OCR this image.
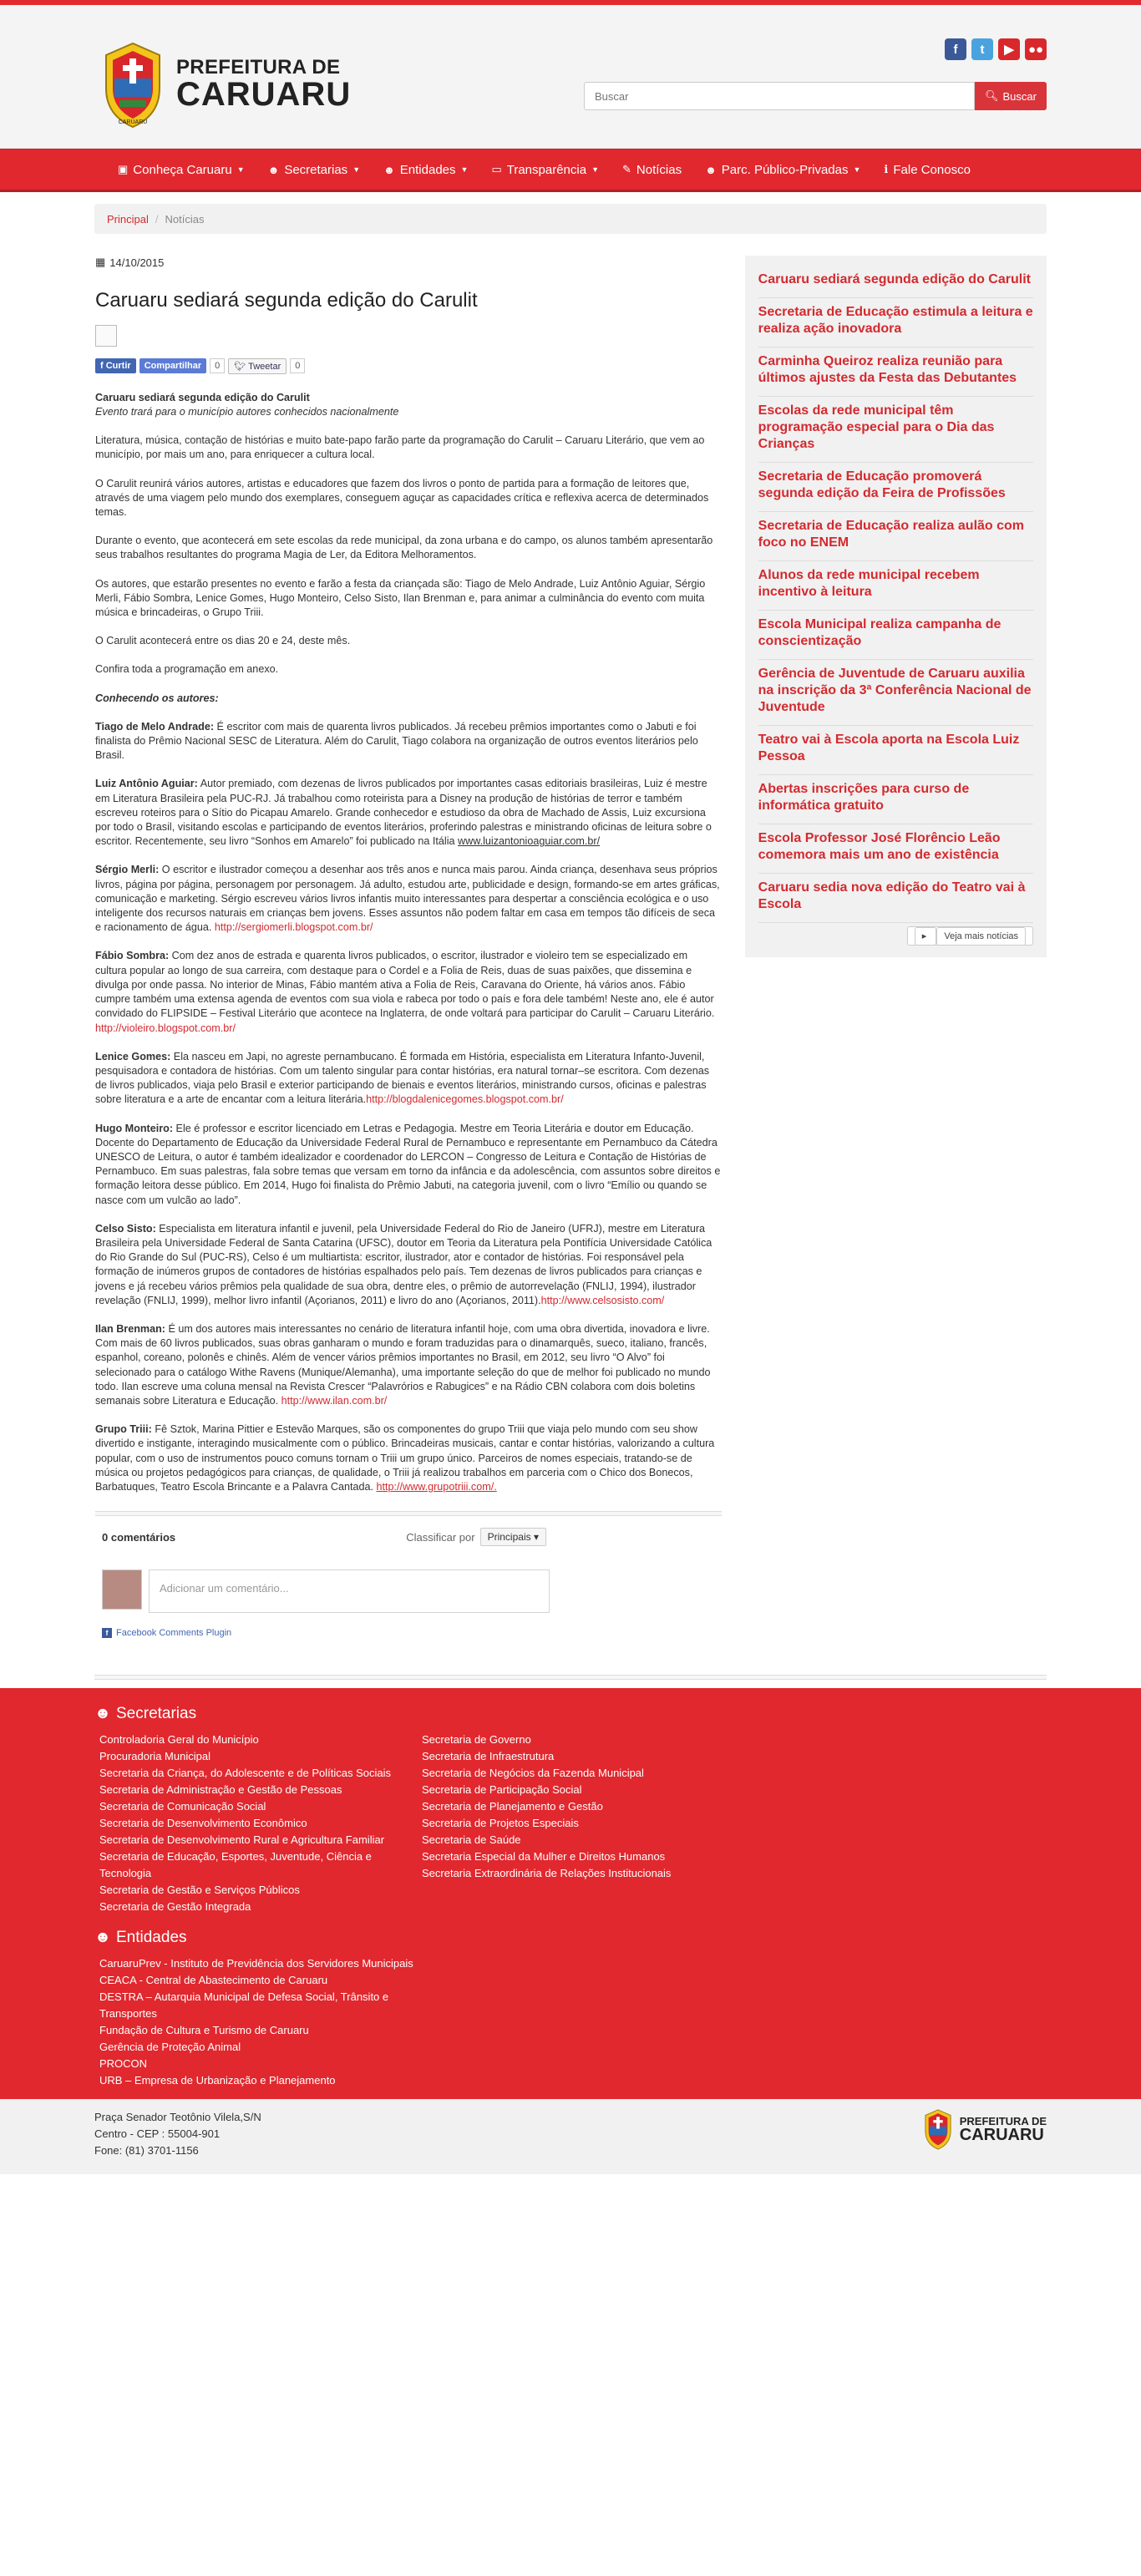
CARUARU
PREFEITURA DE
CARUARU
f	t	▶	●●
Buscar
🔍︎ Buscar
▣ Conheça Caruaru ▼ ☻ Secretarias ▼ ☻ Entidades ▼ ▭ Transparência ▼ ✎ Notícias ☻ Parc. Público-Privadas ▼ ℹ Fale Conosco
Principal / Notícias
▦ 14/10/2015
Caruaru sediará segunda edição do Carulit
f Curtir	Compartilhar	0	🐦︎ Tweetar	0

Caruaru sediará segunda edição do Carulit
Evento trará para o município autores conhecidos nacionalmente

Literatura, música, contação de histórias e muito bate-papo farão parte da programação do Carulit – Caruaru Literário, que vem ao município, por mais um ano, para enriquecer a cultura local.

O Carulit reunirá vários autores, artistas e educadores que fazem dos livros o ponto de partida para a formação de leitores que, através de uma viagem pelo mundo dos exemplares, conseguem aguçar as capacidades crítica e reflexiva acerca de determinados temas.

Durante o evento, que acontecerá em sete escolas da rede municipal, da zona urbana e do campo, os alunos também apresentarão seus trabalhos resultantes do programa Magia de Ler, da Editora Melhoramentos.

Os autores, que estarão presentes no evento e farão a festa da criançada são: Tiago de Melo Andrade, Luiz Antônio Aguiar, Sérgio Merli, Fábio Sombra, Lenice Gomes, Hugo Monteiro, Celso Sisto, Ilan Brenman e, para animar a culminância do evento com muita música e brincadeiras, o Grupo Triii.

O Carulit acontecerá entre os dias 20 e 24, deste mês.

Confira toda a programação em anexo.

Conhecendo os autores:

Tiago de Melo Andrade: É escritor com mais de quarenta livros publicados. Já recebeu prêmios importantes como o Jabuti e foi finalista do Prêmio Nacional SESC de Literatura. Além do Carulit, Tiago colabora na organização de outros eventos literários pelo Brasil.

Luiz Antônio Aguiar: Autor premiado, com dezenas de livros publicados por importantes casas editoriais brasileiras, Luiz é mestre em Literatura Brasileira pela PUC-RJ. Já trabalhou como roteirista para a Disney na produção de histórias de terror e também escreveu roteiros para o Sítio do Picapau Amarelo. Grande conhecedor e estudioso da obra de Machado de Assis, Luiz excursiona por todo o Brasil, visitando escolas e participando de eventos literários, proferindo palestras e ministrando oficinas de leitura sobre o escritor. Recentemente, seu livro “Sonhos em Amarelo” foi publicado na Itália www.luizantonioaguiar.com.br/

Sérgio Merli: O escritor e ilustrador começou a desenhar aos três anos e nunca mais parou. Ainda criança, desenhava seus próprios livros, página por página, personagem por personagem. Já adulto, estudou arte, publicidade e design, formando-se em artes gráficas, comunicação e marketing. Sérgio escreveu vários livros infantis muito interessantes para despertar a consciência ecológica e o uso inteligente dos recursos naturais em crianças bem jovens. Esses assuntos não podem faltar em casa em tempos tão difíceis de seca e racionamento de água. http://sergiomerli.blogspot.com.br/

Fábio Sombra: Com dez anos de estrada e quarenta livros publicados, o escritor, ilustrador e violeiro tem se especializado em cultura popular ao longo de sua carreira, com destaque para o Cordel e a Folia de Reis, duas de suas paixões, que dissemina e divulga por onde passa. No interior de Minas, Fábio mantém ativa a Folia de Reis, Caravana do Oriente, há vários anos. Fábio cumpre também uma extensa agenda de eventos com sua viola e rabeca por todo o país e fora dele também! Neste ano, ele é autor convidado do FLIPSIDE – Festival Literário que acontece na Inglaterra, de onde voltará para participar do Carulit – Caruaru Literário. http://violeiro.blogspot.com.br/

Lenice Gomes: Ela nasceu em Japi, no agreste pernambucano. É formada em História, especialista em Literatura Infanto-Juvenil, pesquisadora e contadora de histórias. Com um talento singular para contar histórias, era natural tornar–se escritora. Com dezenas de livros publicados, viaja pelo Brasil e exterior participando de bienais e eventos literários, ministrando cursos, oficinas e palestras sobre literatura e a arte de encantar com a leitura literária.http://blogdalenicegomes.blogspot.com.br/

Hugo Monteiro: Ele é professor e escritor licenciado em Letras e Pedagogia. Mestre em Teoria Literária e doutor em Educação. Docente do Departamento de Educação da Universidade Federal Rural de Pernambuco e representante em Pernambuco da Cátedra UNESCO de Leitura, o autor é também idealizador e coordenador do LERCON – Congresso de Leitura e Contação de Histórias de Pernambuco. Em suas palestras, fala sobre temas que versam em torno da infância e da adolescência, com assuntos sobre direitos e formação leitora desse público. Em 2014, Hugo foi finalista do Prêmio Jabuti, na categoria juvenil, com o livro “Emílio ou quando se nasce com um vulcão ao lado”.

Celso Sisto: Especialista em literatura infantil e juvenil, pela Universidade Federal do Rio de Janeiro (UFRJ), mestre em Literatura Brasileira pela Universidade Federal de Santa Catarina (UFSC), doutor em Teoria da Literatura pela Pontifícia Universidade Católica do Rio Grande do Sul (PUC-RS), Celso é um multiartista: escritor, ilustrador, ator e contador de histórias. Foi responsável pela formação de inúmeros grupos de contadores de histórias espalhados pelo país. Tem dezenas de livros publicados para crianças e jovens e já recebeu vários prêmios pela qualidade de sua obra, dentre eles, o prêmio de autorrevelação (FNLIJ, 1994), ilustrador revelação (FNLIJ, 1999), melhor livro infantil (Açorianos, 2011) e livro do ano (Açorianos, 2011).http://www.celsosisto.com/

Ilan Brenman: É um dos autores mais interessantes no cenário de literatura infantil hoje, com uma obra divertida, inovadora e livre. Com mais de 60 livros publicados, suas obras ganharam o mundo e foram traduzidas para o dinamarquês, sueco, italiano, francês, espanhol, coreano, polonês e chinês. Além de vencer vários prêmios importantes no Brasil, em 2012, seu livro “O Alvo” foi selecionado para o catálogo Withe Ravens (Munique/Alemanha), uma importante seleção do que de melhor foi publicado no mundo todo. Ilan escreve uma coluna mensal na Revista Crescer “Palavrórios e Rabugices” e na Rádio CBN colabora com dois boletins semanais sobre Literatura e Educação. http://www.ilan.com.br/

Grupo Triii: Fê Sztok, Marina Pittier e Estevão Marques, são os componentes do grupo Triii que viaja pelo mundo com seu show divertido e instigante, interagindo musicalmente com o público. Brincadeiras musicais, cantar e contar histórias, valorizando a cultura popular, com o uso de instrumentos pouco comuns tornam o Triii um grupo único. Parceiros de nomes especiais, tratando-se de música ou projetos pedagógicos para crianças, de qualidade, o Triii já realizou trabalhos em parceria com o Chico dos Bonecos, Barbatuques, Teatro Escola Brincante e a Palavra Cantada. http://www.grupotriii.com/.

0 comentários	Classificar por	Principais ▾
Adicionar um comentário...
f Facebook Comments Plugin
Caruaru sediará segunda edição do Carulit
Secretaria de Educação estimula a leitura e realiza ação inovadora
Carminha Queiroz realiza reunião para últimos ajustes da Festa das Debutantes
Escolas da rede municipal têm programação especial para o Dia das Crianças
Secretaria de Educação promoverá segunda edição da Feira de Profissões
Secretaria de Educação realiza aulão com foco no ENEM
Alunos da rede municipal recebem incentivo à leitura
Escola Municipal realiza campanha de conscientização
Gerência de Juventude de Caruaru auxilia na inscrição da 3ª Conferência Nacional de Juventude
Teatro vai à Escola aporta na Escola Luiz Pessoa
Abertas inscrições para curso de informática gratuito
Escola Professor José Florêncio Leão comemora mais um ano de existência
Caruaru sedia nova edição do Teatro vai à Escola
▸ Veja mais notícias
☻ Secretarias
Controladoria Geral do Município
Procuradoria Municipal
Secretaria da Criança, do Adolescente e de Políticas Sociais
Secretaria de Administração e Gestão de Pessoas
Secretaria de Comunicação Social
Secretaria de Desenvolvimento Econômico
Secretaria de Desenvolvimento Rural e Agricultura Familiar
Secretaria de Educação, Esportes, Juventude, Ciência e Tecnologia
Secretaria de Gestão e Serviços Públicos
Secretaria de Gestão Integrada
Secretaria de Governo
Secretaria de Infraestrutura
Secretaria de Negócios da Fazenda Municipal
Secretaria de Participação Social
Secretaria de Planejamento e Gestão
Secretaria de Projetos Especiais
Secretaria de Saúde
Secretaria Especial da Mulher e Direitos Humanos
Secretaria Extraordinária de Relações Institucionais
☻ Entidades
CaruaruPrev - Instituto de Previdência dos Servidores Municipais
CEACA - Central de Abastecimento de Caruaru
DESTRA – Autarquia Municipal de Defesa Social, Trânsito e Transportes
Fundação de Cultura e Turismo de Caruaru
Gerência de Proteção Animal
PROCON
URB – Empresa de Urbanização e Planejamento
Praça Senador Teotônio Vilela,S/N
Centro - CEP : 55004-901
Fone: (81) 3701-1156
PREFEITURA DE
CARUARU
